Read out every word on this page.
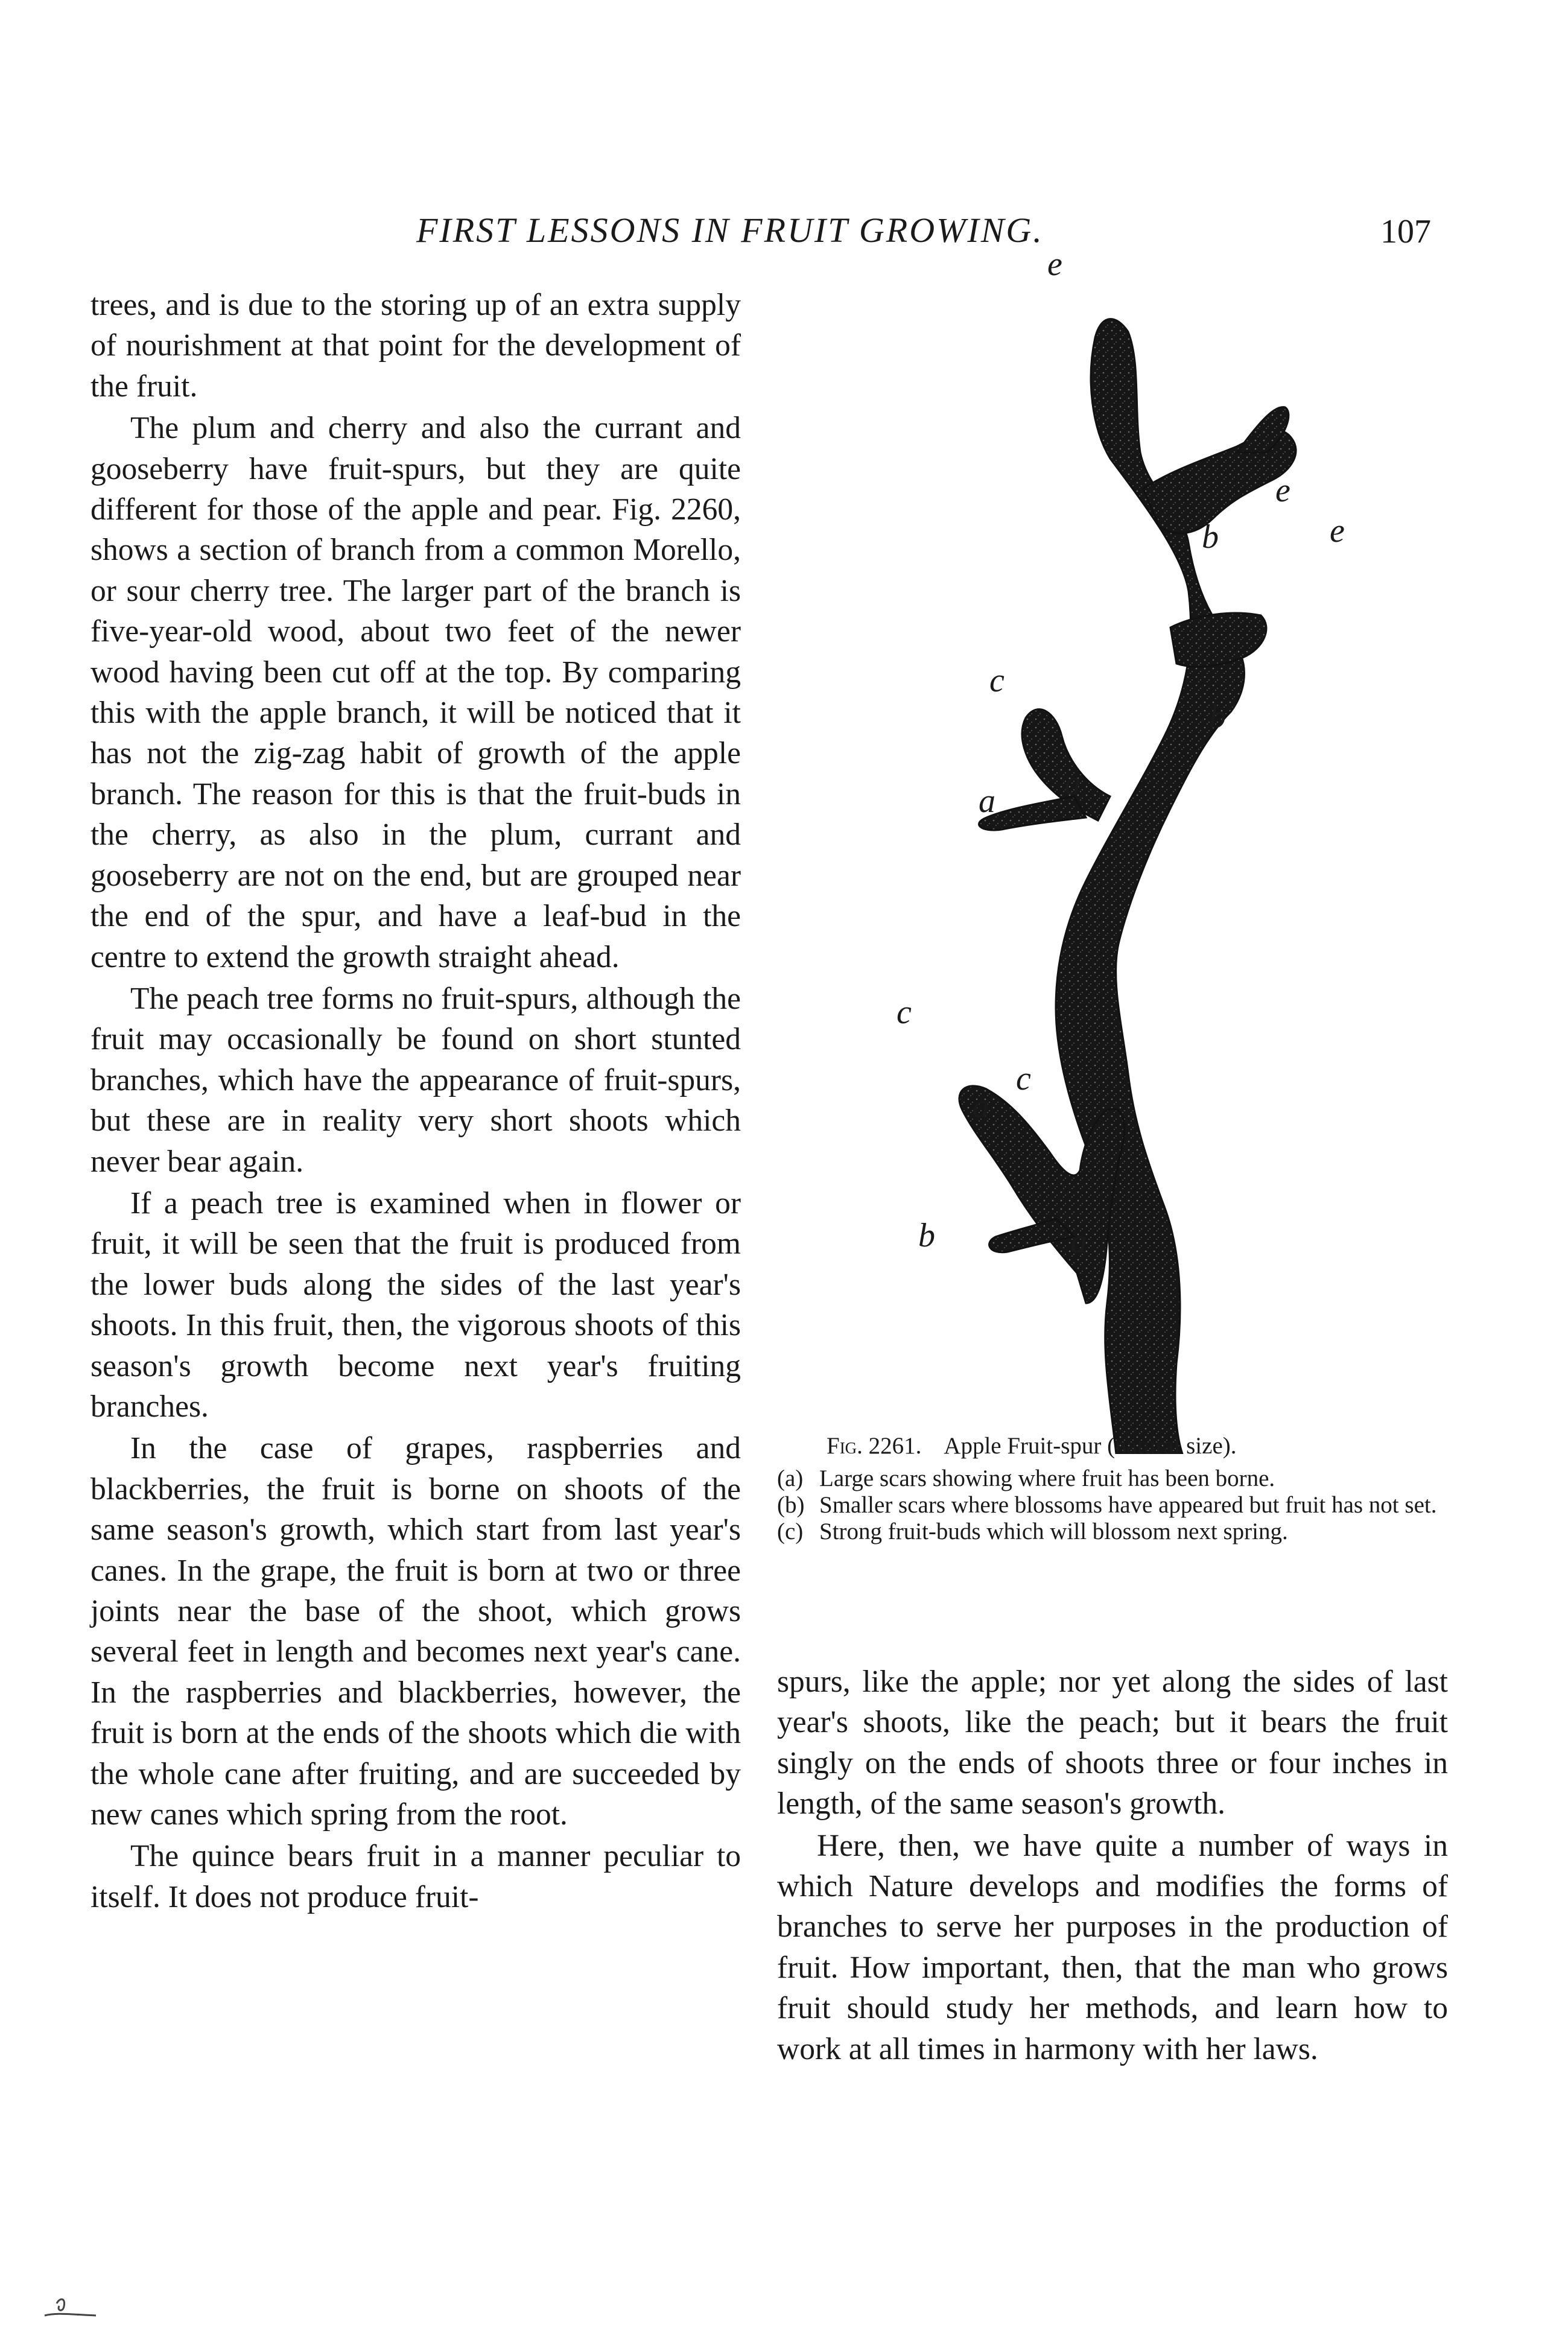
FIRST LESSONS IN FRUIT GROWING.	107

trees, and is due to the storing up of an extra supply of nourishment at that point for the development of the fruit.

The plum and cherry and also the currant and gooseberry have fruit-spurs, but they are quite different for those of the apple and pear. Fig. 2260, shows a section of branch from a common Morello, or sour cherry tree. The larger part of the branch is five-year-old wood, about two feet of the newer wood having been cut off at the top. By comparing this with the apple branch, it will be noticed that it has not the zig-zag habit of growth of the apple branch. The reason for this is that the fruit-buds in the cherry, as also in the plum, currant and gooseberry are not on the end, but are grouped near the end of the spur, and have a leaf-bud in the centre to extend the growth straight ahead.

The peach tree forms no fruit-spurs, although the fruit may occasionally be found on short stunted branches, which have the appearance of fruit-spurs, but these are in reality very short shoots which never bear again.

If a peach tree is examined when in flower or fruit, it will be seen that the fruit is produced from the lower buds along the sides of the last year's shoots. In this fruit, then, the vigorous shoots of this season's growth become next year's fruiting branches.

In the case of grapes, raspberries and blackberries, the fruit is borne on shoots of the same season's growth, which start from last year's canes. In the grape, the fruit is born at two or three joints near the base of the shoot, which grows several feet in length and becomes next year's cane. In the raspberries and blackberries, however, the fruit is born at the ends of the shoots which die with the whole cane after fruiting, and are succeeded by new canes which spring from the root.

The quince bears fruit in a manner peculiar to itself. It does not produce fruit-

e
e
e
b
b
c
a a
c
c
a
b	a
Fig. 2261. Apple Fruit-spur (natural size).
(a) Large scars showing where fruit has been borne.
(b) Smaller scars where blossoms have appeared but fruit has not set.
(c) Strong fruit-buds which will blossom next spring.

spurs, like the apple; nor yet along the sides of last year's shoots, like the peach; but it bears the fruit singly on the ends of shoots three or four inches in length, of the same season's growth.

Here, then, we have quite a number of ways in which Nature develops and modifies the forms of branches to serve her purposes in the production of fruit. How important, then, that the man who grows fruit should study her methods, and learn how to work at all times in harmony with her laws.
